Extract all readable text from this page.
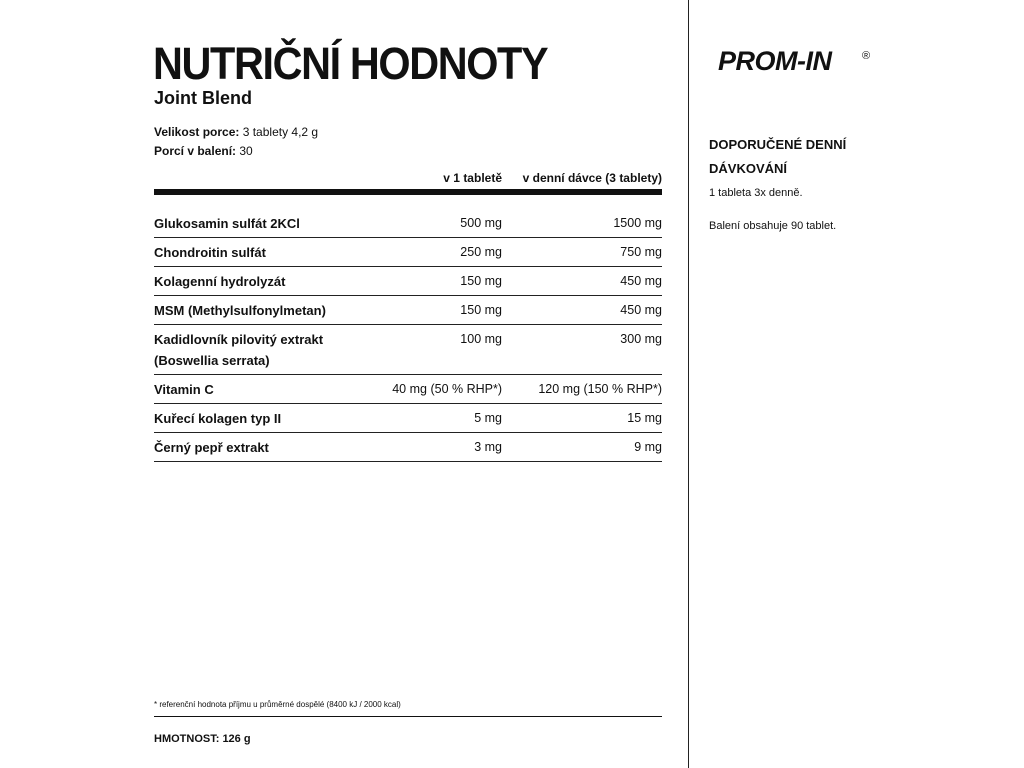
NUTRIČNÍ HODNOTY
Joint Blend
Velikost porce: 3 tablety 4,2 g
Porcí v balení: 30
v 1 tabletě v denní dávce (3 tablety)
Glukosamin sulfát 2KCl	500 mg	1500 mg
Chondroitin sulfát	250 mg	750 mg
Kolagenní hydrolyzát	150 mg	450 mg
MSM (Methylsulfonylmetan)	150 mg	450 mg
Kadidlovník pilovitý extrakt
(Boswellia serrata)
100 mg	300 mg
Vitamin C	40 mg (50 % RHP*)	120 mg (150 % RHP*)
Kuřecí kolagen typ II	5 mg	15 mg
Černý pepř extrakt	3 mg	9 mg
* referenční hodnota příjmu u průměrné dospělé (8400 kJ / 2000 kcal)
HMOTNOST: 126 g
PROM-IN	®
DOPORUČENÉ DENNÍ DÁVKOVÁNÍ
1 tableta 3x denně.
Balení obsahuje 90 tablet.
